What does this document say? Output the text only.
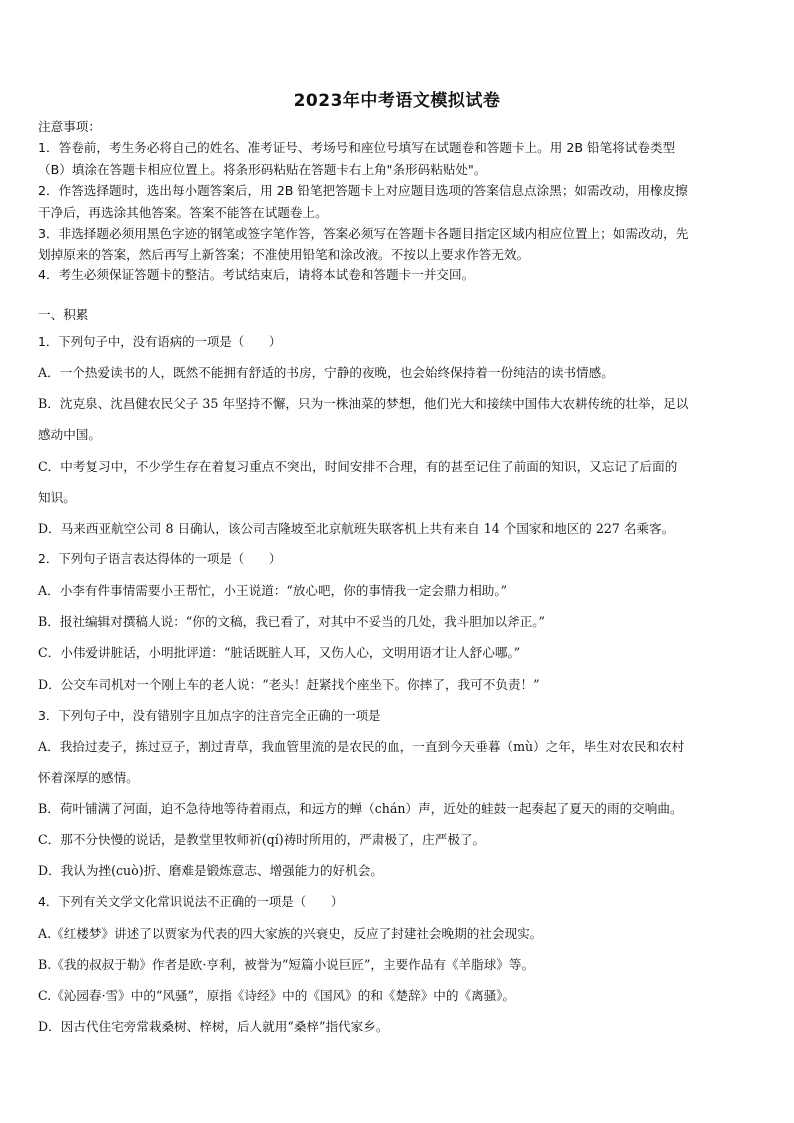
2023年中考语文模拟试卷
注意事项：
1．答卷前，考生务必将自己的姓名、准考证号、考场号和座位号填写在试题卷和答题卡上。用 2B 铅笔将试卷类型
（B）填涂在答题卡相应位置上。将条形码粘贴在答题卡右上角"条形码粘贴处"。
2．作答选择题时，选出每小题答案后，用 2B 铅笔把答题卡上对应题目选项的答案信息点涂黑；如需改动，用橡皮擦
干净后，再选涂其他答案。答案不能答在试题卷上。
3．非选择题必须用黑色字迹的钢笔或签字笔作答，答案必须写在答题卡各题目指定区域内相应位置上；如需改动，先
划掉原来的答案，然后再写上新答案；不准使用铅笔和涂改液。不按以上要求作答无效。
4．考生必须保证答题卡的整洁。考试结束后，请将本试卷和答题卡一并交回。
一、积累
1．下列句子中，没有语病的一项是（　　）
A．一个热爱读书的人，既然不能拥有舒适的书房，宁静的夜晚，也会始终保持着一份纯洁的读书情感。
B．沈克泉、沈昌健农民父子 35 年坚持不懈，只为一株油菜的梦想，他们光大和接续中国伟大农耕传统的壮举，足以
感动中国。
C．中考复习中，不少学生存在着复习重点不突出，时间安排不合理，有的甚至记住了前面的知识，又忘记了后面的
知识。
D．马来西亚航空公司 8 日确认，该公司吉隆坡至北京航班失联客机上共有来自 14 个国家和地区的 227 名乘客。
2．下列句子语言表达得体的一项是（　　）
A．小李有件事情需要小王帮忙，小王说道：“放心吧，你的事情我一定会鼎力相助。”
B．报社编辑对撰稿人说：“你的文稿，我已看了，对其中不妥当的几处，我斗胆加以斧正。”
C．小伟爱讲脏话，小明批评道：“脏话既脏人耳，又伤人心，文明用语才让人舒心哪。”
D．公交车司机对一个刚上车的老人说：“老头！赶紧找个座坐下。你摔了，我可不负责！”
3．下列句子中，没有错别字且加点字的注音完全正确的一项是
A．我拾过麦子，拣过豆子，割过青草，我血管里流的是农民的血，一直到今天垂暮（mù）之年，毕生对农民和农村
怀着深厚的感情。
B．荷叶铺满了河面，迫不急待地等待着雨点，和远方的蝉（chán）声，近处的蛙鼓一起奏起了夏天的雨的交响曲。
C．那不分快慢的说话，是教堂里牧师祈(qí)祷时所用的，严肃极了，庄严极了。
D．我认为挫(cuò)折、磨难是锻炼意志、增强能力的好机会。
4．下列有关文学文化常识说法不正确的一项是（　　）
A.《红楼梦》讲述了以贾家为代表的四大家族的兴衰史，反应了封建社会晚期的社会现实。
B.《我的叔叔于勒》作者是欧·亨利，被誉为“短篇小说巨匠”，主要作品有《羊脂球》等。
C.《沁园春·雪》中的“风骚”，原指《诗经》中的《国风》的和《楚辞》中的《离骚》。
D．因古代住宅旁常栽桑树、梓树，后人就用“桑梓”指代家乡。
